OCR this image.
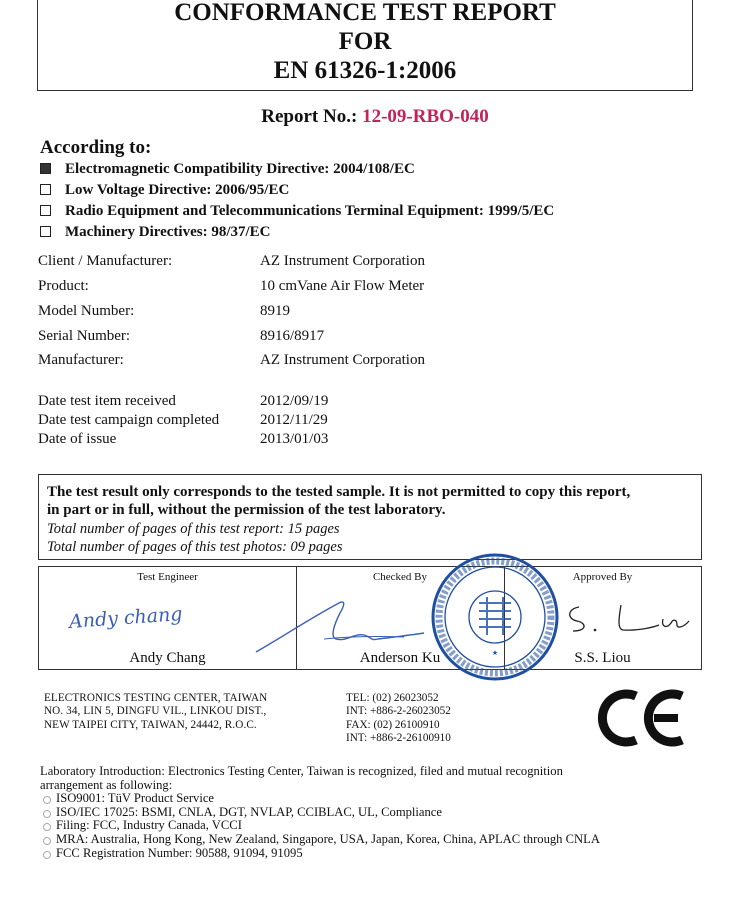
CONFORMANCE TEST REPORT
FOR
EN 61326-1:2006
Report No.: 12-09-RBO-040
According to:
Electromagnetic Compatibility Directive: 2004/108/EC
Low Voltage Directive: 2006/95/EC
Radio Equipment and Telecommunications Terminal Equipment: 1999/5/EC
Machinery Directives: 98/37/EC
Client / Manufacturer:	AZ Instrument Corporation
Product:	10 cmVane Air Flow Meter
Model Number:	8919
Serial Number:	8916/8917
Manufacturer:	AZ Instrument Corporation
Date test item received	2012/09/19
Date test campaign completed	2012/11/29
Date of issue	2013/01/03
The test result only corresponds to the tested sample. It is not permitted to copy this report,
in part or in full, without the permission of the test laboratory.
Total number of pages of this test report: 15 pages
Total number of pages of this test photos: 09 pages
Test Engineer	Checked By	Approved By
Andy chang
★
Andy Chang	Anderson Ku	S.S. Liou
ELECTRONICS TESTING CENTER, TAIWAN
NO. 34, LIN 5, DINGFU VIL., LINKOU DIST.,
NEW TAIPEI CITY, TAIWAN, 24442, R.O.C.
TEL: (02) 26023052
INT: +886-2-26023052
FAX: (02) 26100910
INT: +886-2-26100910
Laboratory Introduction: Electronics Testing Center, Taiwan is recognized, filed and mutual recognition
arrangement as following:
ISO9001: TüV Product Service
ISO/IEC 17025: BSMI, CNLA, DGT, NVLAP, CCIBLAC, UL, Compliance
Filing: FCC, Industry Canada, VCCI
MRA: Australia, Hong Kong, New Zealand, Singapore, USA, Japan, Korea, China, APLAC through CNLA
FCC Registration Number: 90588, 91094, 91095
